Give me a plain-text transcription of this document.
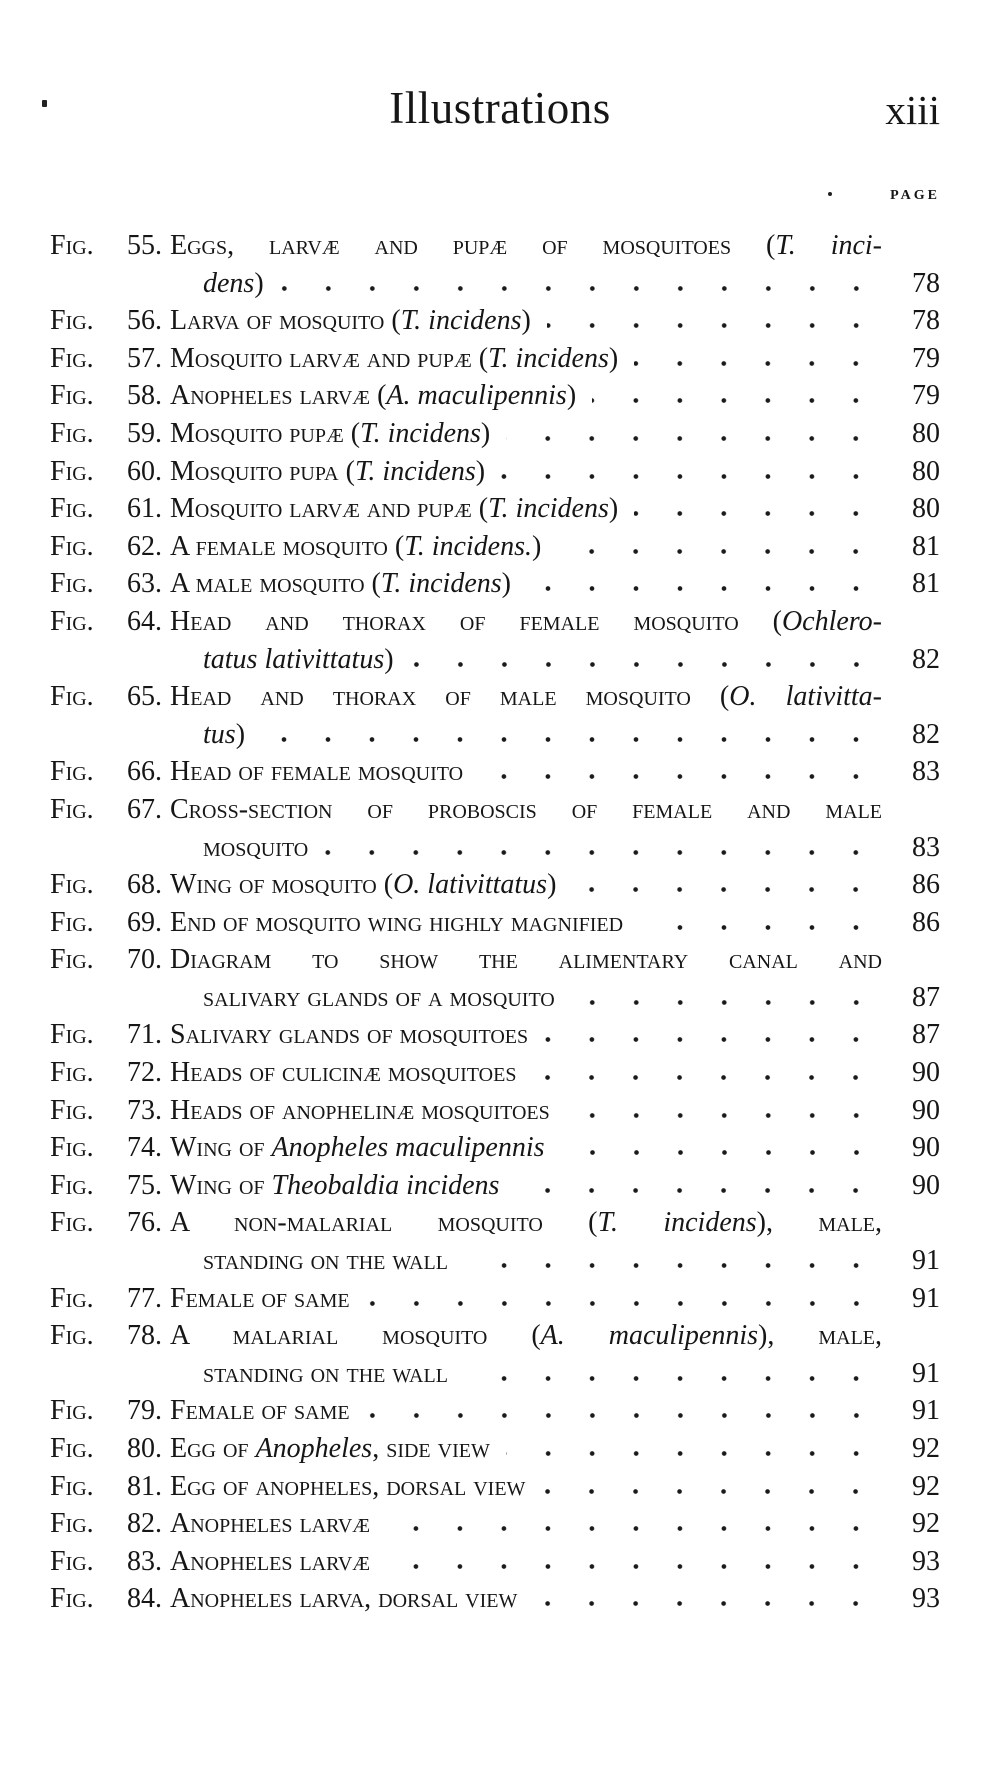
Illustrations	xiii
PAGE
Fig.	55. Eggs, larvæ and pupæ of mosquitoes (T. inci-
dens)	78
Fig.	56. Larva of mosquito (T. incidens)	78
Fig.	57. Mosquito larvæ and pupæ (T. incidens)	79
Fig.	58. Anopheles larvæ (A. maculipennis)	79
Fig.	59. Mosquito pupæ (T. incidens)	80
Fig.	60. Mosquito pupa (T. incidens)	80
Fig.	61. Mosquito larvæ and pupæ (T. incidens)	80
Fig.	62. A female mosquito (T. incidens.)	81
Fig.	63. A male mosquito (T. incidens)	81
Fig.	64. Head and thorax of female mosquito (Ochlero-
tatus lativittatus)	82
Fig.	65. Head and thorax of male mosquito (O. lativitta-
tus)	82
Fig.	66. Head of female mosquito	83
Fig.	67. Cross-section of proboscis of female and male
mosquito	83
Fig.	68. Wing of mosquito (O. lativittatus)	86
Fig.	69. End of mosquito wing highly magnified	86
Fig.	70. Diagram to show the alimentary canal and
salivary glands of a mosquito	87
Fig.	71. Salivary glands of mosquitoes	87
Fig.	72. Heads of culicinæ mosquitoes	90
Fig.	73. Heads of anophelinæ mosquitoes	90
Fig.	74. Wing of Anopheles maculipennis	90
Fig.	75. Wing of Theobaldia incidens	90
Fig.	76. A non-malarial mosquito (T. incidens), male,
standing on the wall	91
Fig.	77. Female of same	91
Fig.	78. A malarial mosquito (A. maculipennis), male,
standing on the wall	91
Fig.	79. Female of same	91
Fig.	80. Egg of Anopheles, side view	92
Fig.	81. Egg of anopheles, dorsal view	92
Fig.	82. Anopheles larvæ	92
Fig.	83. Anopheles larvæ	93
Fig.	84. Anopheles larva, dorsal view	93
